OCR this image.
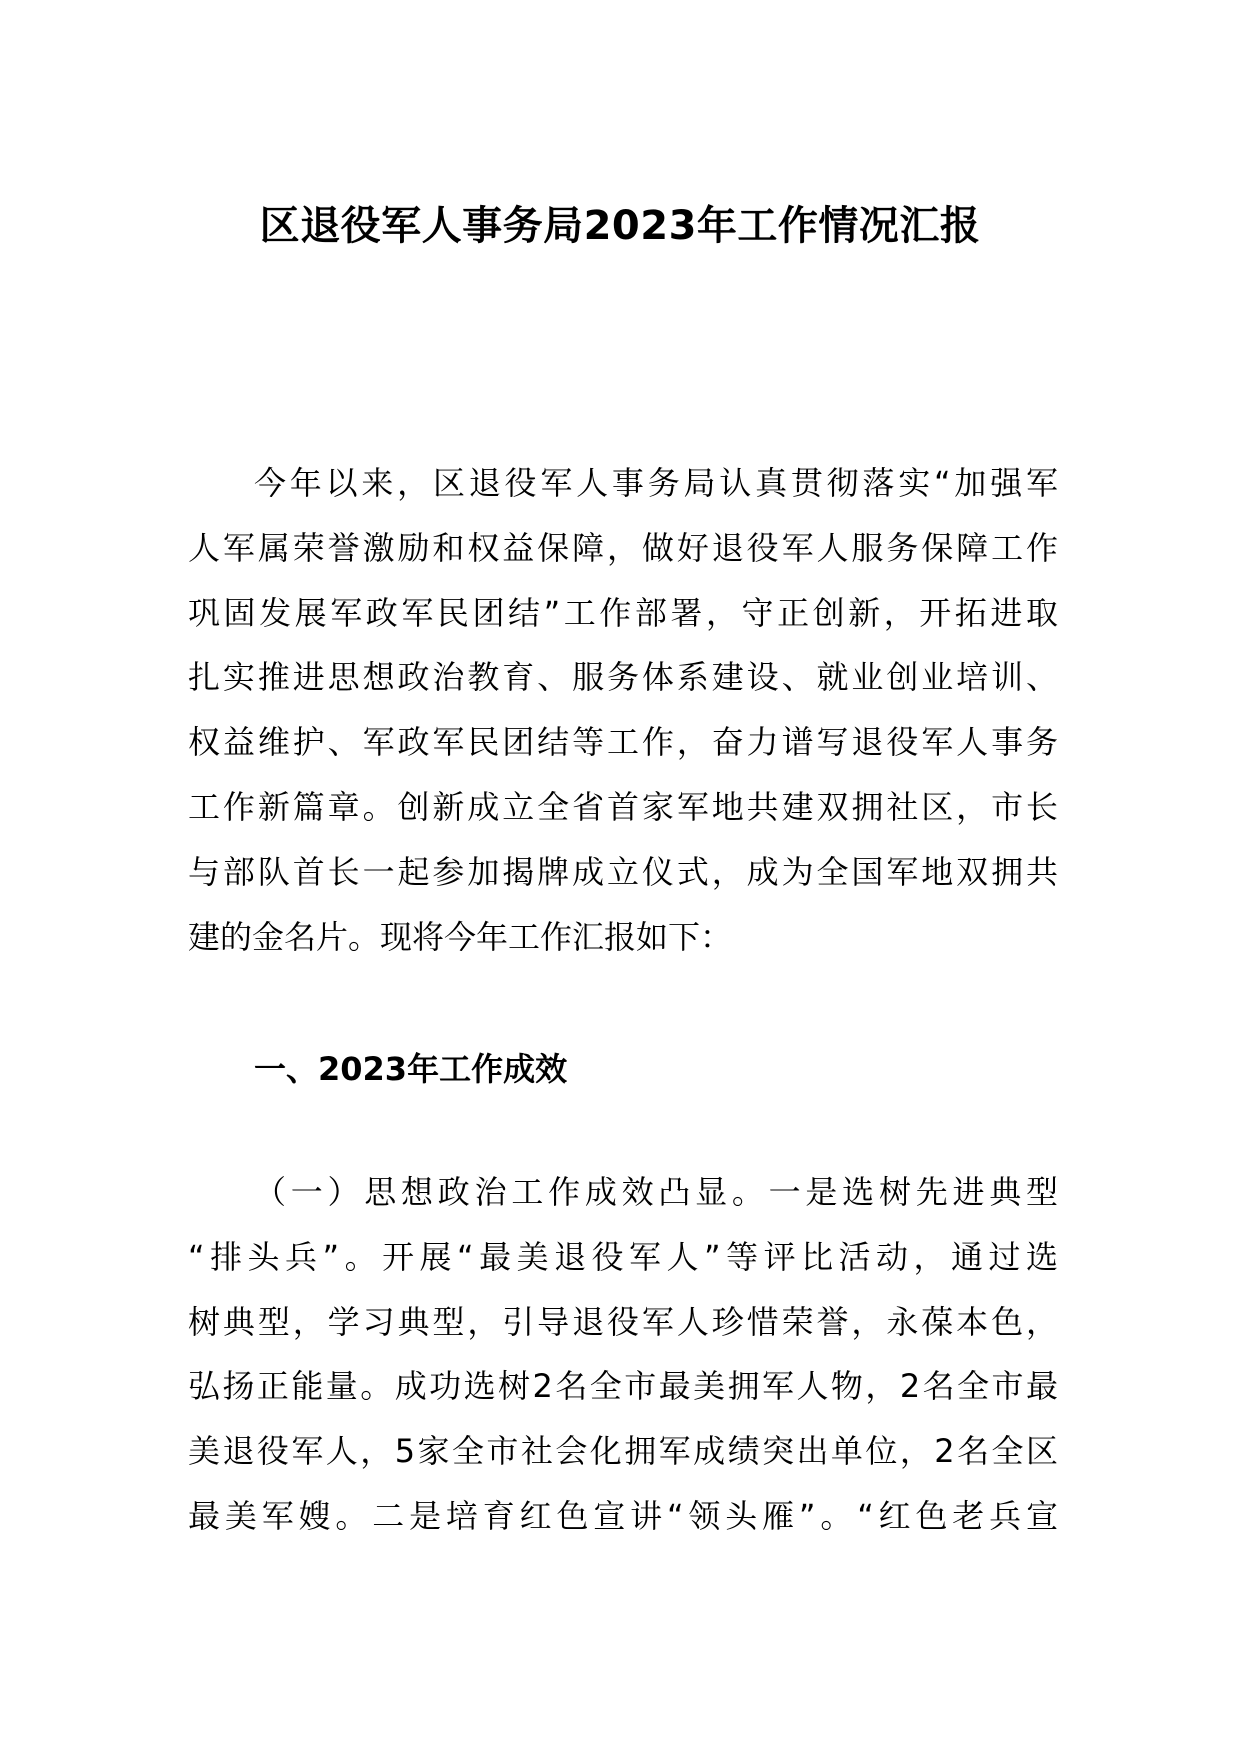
区退役军人事务局2023年工作情况汇报
今年以来，区退役军人事务局认真贯彻落实“加强军
人军属荣誉激励和权益保障，做好退役军人服务保障工作
巩固发展军政军民团结”工作部署，守正创新，开拓进取
扎实推进思想政治教育、服务体系建设、就业创业培训、
权益维护、军政军民团结等工作，奋力谱写退役军人事务
工作新篇章。创新成立全省首家军地共建双拥社区，市长
与部队首长一起参加揭牌成立仪式，成为全国军地双拥共
建的金名片。现将今年工作汇报如下：
一、2023年工作成效
（一）思想政治工作成效凸显。一是选树先进典型
“排头兵”。开展“最美退役军人”等评比活动，通过选
树典型，学习典型，引导退役军人珍惜荣誉，永葆本色，
弘扬正能量。成功选树2名全市最美拥军人物，2名全市最
美退役军人，5家全市社会化拥军成绩突出单位，2名全区
最美军嫂。二是培育红色宣讲“领头雁”。“红色老兵宣
